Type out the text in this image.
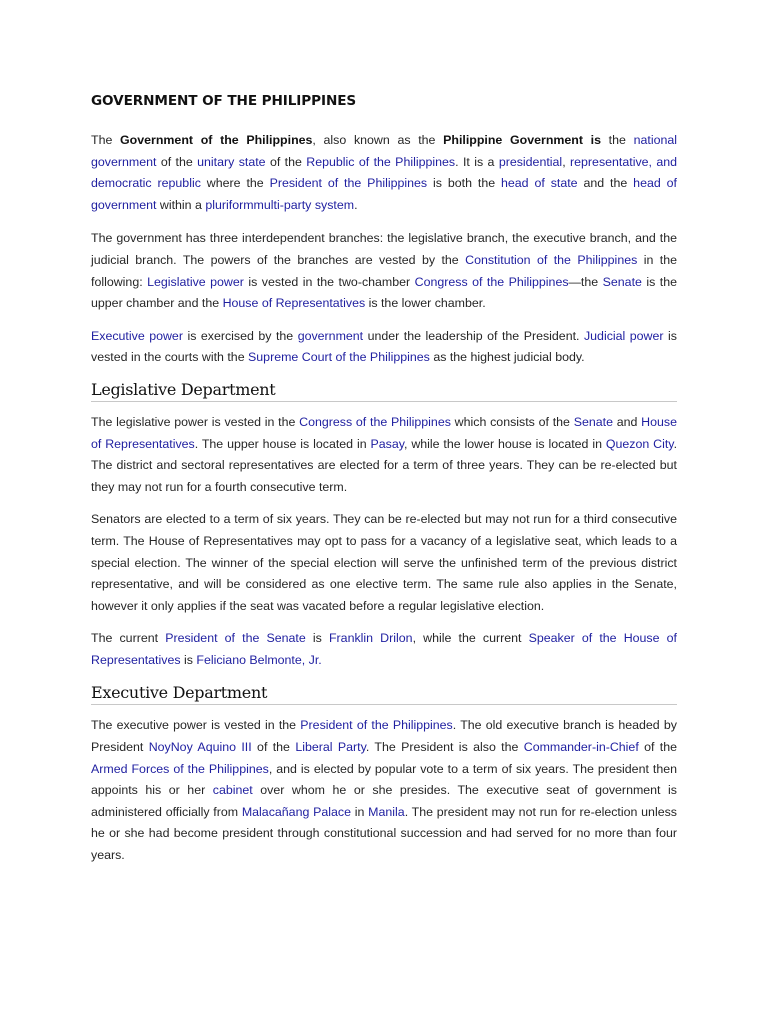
GOVERNMENT OF THE PHILIPPINES

The Government of the Philippines, also known as the Philippine Government is the national government of the unitary state of the Republic of the Philippines. It is a presidential, representative, and democratic republic where the President of the Philippines is both the head of state and the head of government within a pluriformmulti-party system.

The government has three interdependent branches: the legislative branch, the executive branch, and the judicial branch. The powers of the branches are vested by the Constitution of the Philippines in the following: Legislative power is vested in the two-chamber Congress of the Philippines—the Senate is the upper chamber and the House of Representatives is the lower chamber.

Executive power is exercised by the government under the leadership of the President. Judicial power is vested in the courts with the Supreme Court of the Philippines as the highest judicial body.

Legislative Department

The legislative power is vested in the Congress of the Philippines which consists of the Senate and House of Representatives. The upper house is located in Pasay, while the lower house is located in Quezon City. The district and sectoral representatives are elected for a term of three years. They can be re-elected but they may not run for a fourth consecutive term.

Senators are elected to a term of six years. They can be re-elected but may not run for a third consecutive term. The House of Representatives may opt to pass for a vacancy of a legislative seat, which leads to a special election. The winner of the special election will serve the unfinished term of the previous district representative, and will be considered as one elective term. The same rule also applies in the Senate, however it only applies if the seat was vacated before a regular legislative election.

The current President of the Senate is Franklin Drilon, while the current Speaker of the House of Representatives is Feliciano Belmonte, Jr.

Executive Department

The executive power is vested in the President of the Philippines. The old executive branch is headed by President NoyNoy Aquino III of the Liberal Party. The President is also the Commander-in-Chief of the Armed Forces of the Philippines, and is elected by popular vote to a term of six years. The president then appoints his or her cabinet over whom he or she presides. The executive seat of government is administered officially from Malacañang Palace in Manila. The president may not run for re-election unless he or she had become president through constitutional succession and had served for no more than four years.
